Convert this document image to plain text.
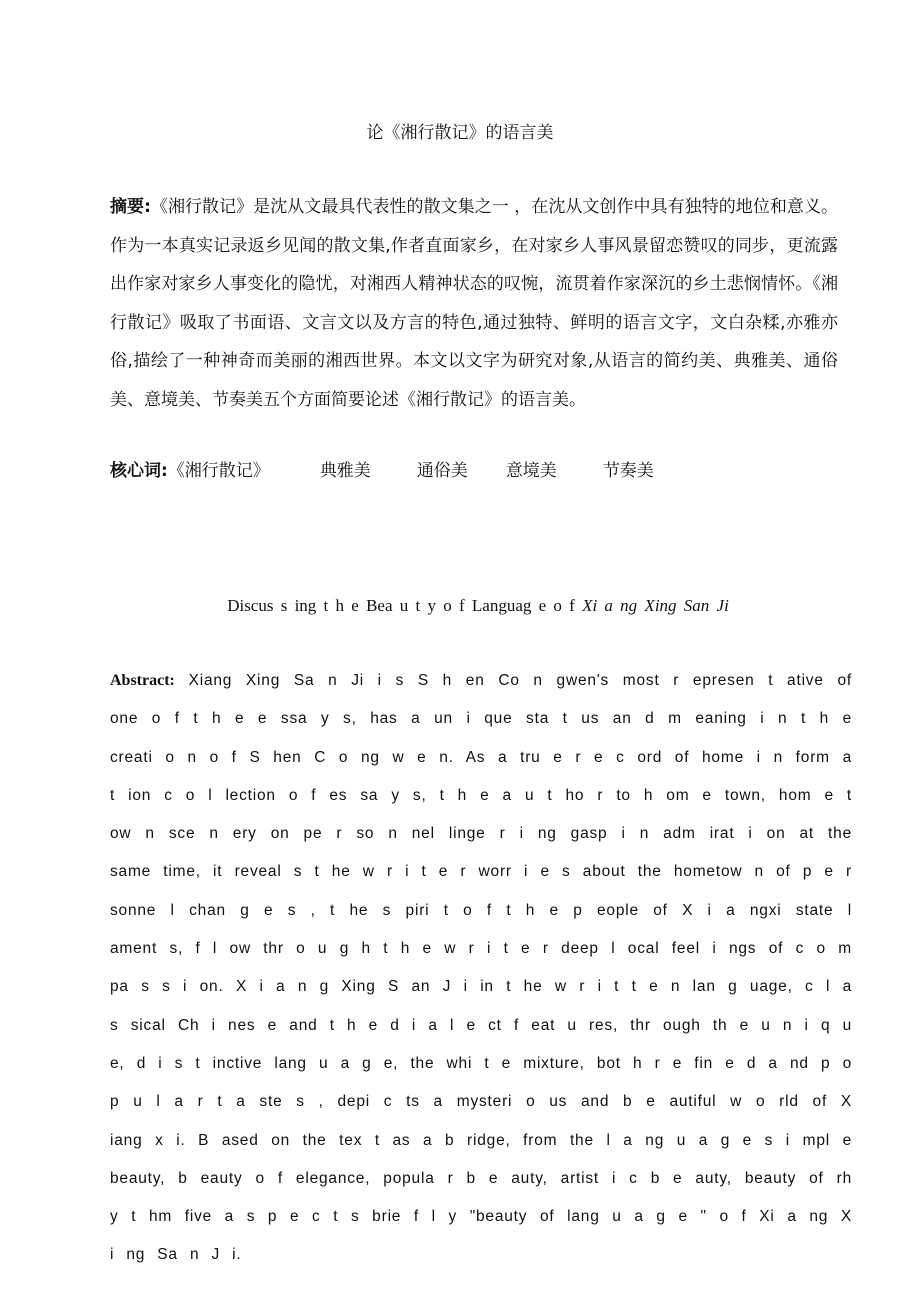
论《湘行散记》的语言美
摘要:《湘行散记》是沈从文最具代表性的散文集之一 ，在沈从文创作中具有独特的地位和意义。作为一本真实记录返乡见闻的散文集,作者直面家乡，在对家乡人事风景留恋赞叹的同步，更流露出作家对家乡人事变化的隐忧，对湘西人精神状态的叹惋，流贯着作家深沉的乡土悲悯情怀。《湘行散记》吸取了书面语、文言文以及方言的特色,通过独特、鲜明的语言文字，文白杂糅,亦雅亦俗,描绘了一种神奇而美丽的湘西世界。本文以文字为研究对象,从语言的简约美、典雅美、通俗美、意境美、节奏美五个方面简要论述《湘行散记》的语言美。
核心词:《湘行散记》	典雅美	通俗美 意境美	节奏美
Discus s ing t h e Bea u t y o f Languag e o f Xi a ng Xing San Ji
Abstract: Xiang Xing Sa n Ji i s S h en Co n gwen's most r epresen t ative of one o f t h e e ssa y s, has a un i que sta t us an d m eaning i n t h e creati o n o f S hen C o ng w e n. As a tru e r e c ord of home i n form a t ion c o l lection o f es sa y s, t h e a u t ho r to h om e town, hom e t ow n sce n ery on pe r so n nel linge r i ng gasp i n adm irat i on at the same time, it reveal s t he w r i t e r worr i e s about the hometow n of p e r sonne l chan g e s , t he s piri t o f t h e p eople of X i a ngxi state l ament s, f l ow thr o u g h t h e w r i t e r deep l ocal feel i ngs of c o m pa s s i on. X i a n g Xing S an J i in t he w r i t t e n lan g uage, c l a s sical Ch i nes e and t h e d i a l e ct f eat u res, thr ough th e u n i q u e, d i s t inctive lang u a g e, the whi t e mixture, bot h r e fin e d a nd p o p u l a r t a ste s , depi c ts a mysteri o us and b e autiful w o rld of X iang x i. B ased on the tex t as a b ridge, from the l a ng u a g e s i mpl e beauty, b eauty o f elegance, popula r b e auty, artist i c b e auty, beauty of rh y t hm five a s p e c t s brie f l y "beauty of lang u a g e " o f Xi a ng X i ng Sa n J i.
